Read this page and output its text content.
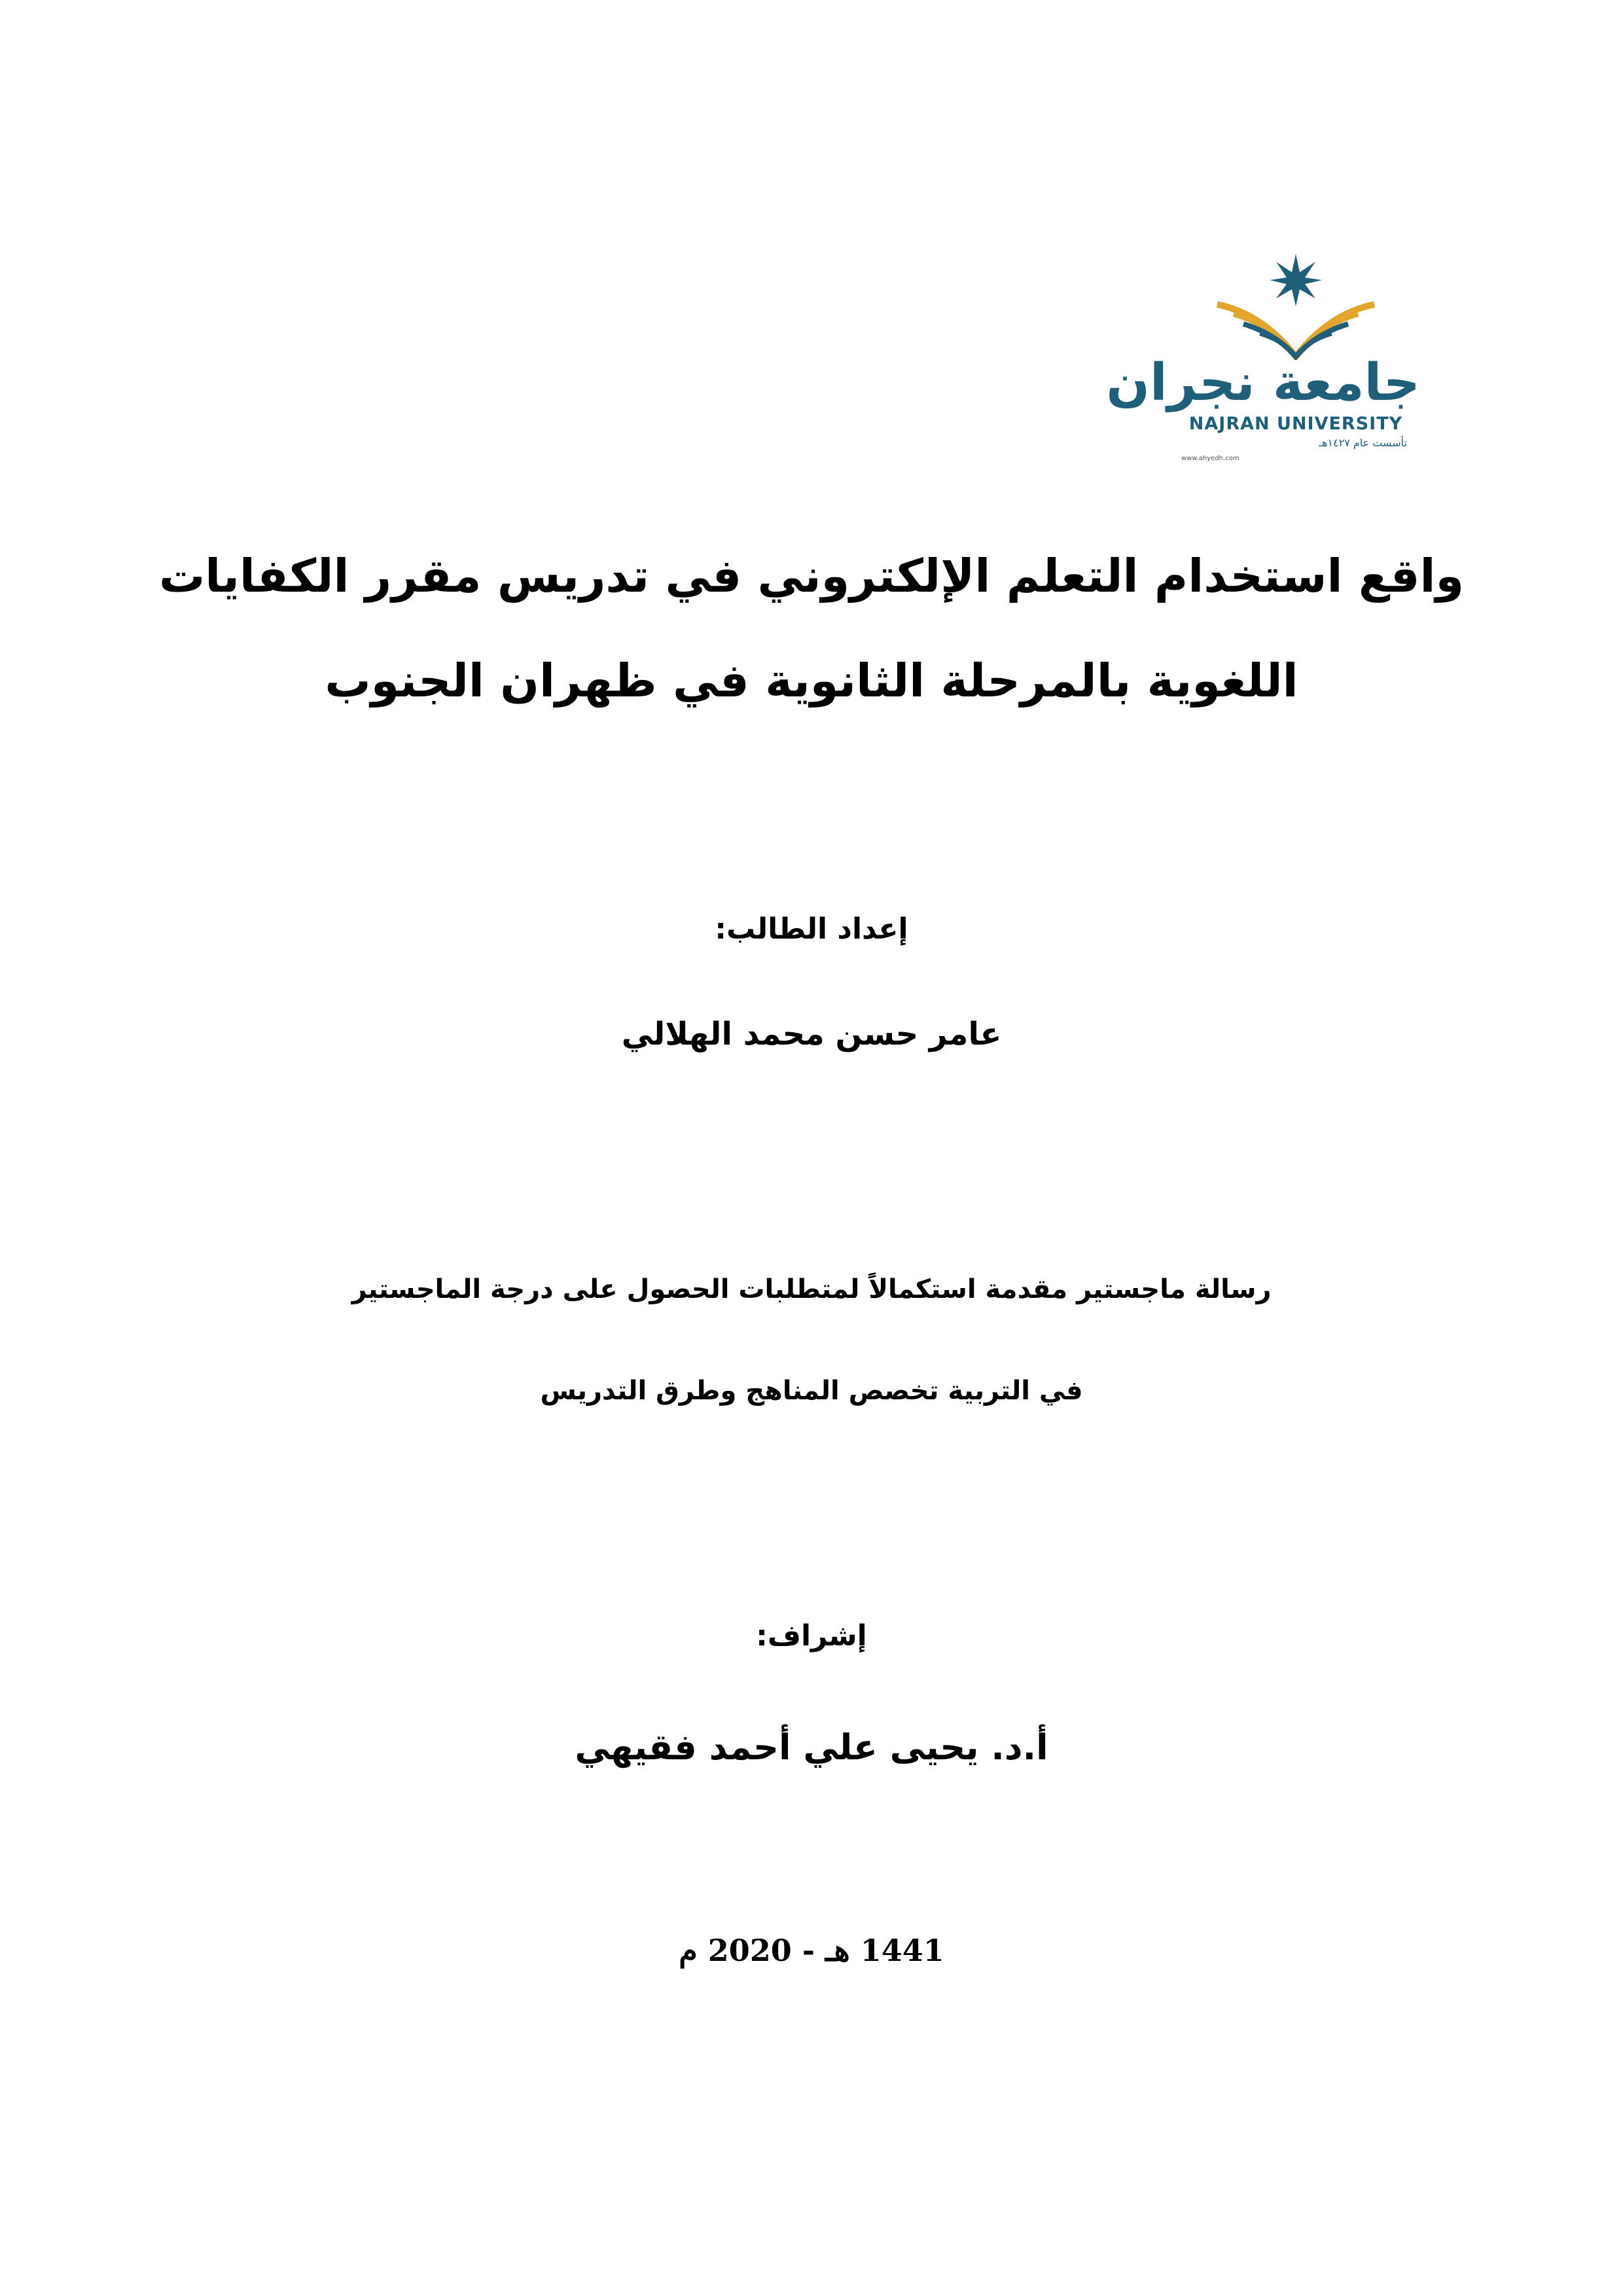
جامعة نجران
NAJRAN UNIVERSITY
تأسست عام ١٤٢٧هـ
www.ahyedh.com
واقع استخدام التعلم الإلكتروني في تدريس مقرر الكفايات
اللغوية بالمرحلة الثانوية في ظهران الجنوب
إعداد الطالب:
عامر حسن محمد الهلالي
رسالة ماجستير مقدمة استكمالاً لمتطلبات الحصول على درجة الماجستير
في التربية تخصص المناهج وطرق التدريس
إشراف:
أ.د. يحيى علي أحمد فقيهي
1441 هـ - 2020 م
